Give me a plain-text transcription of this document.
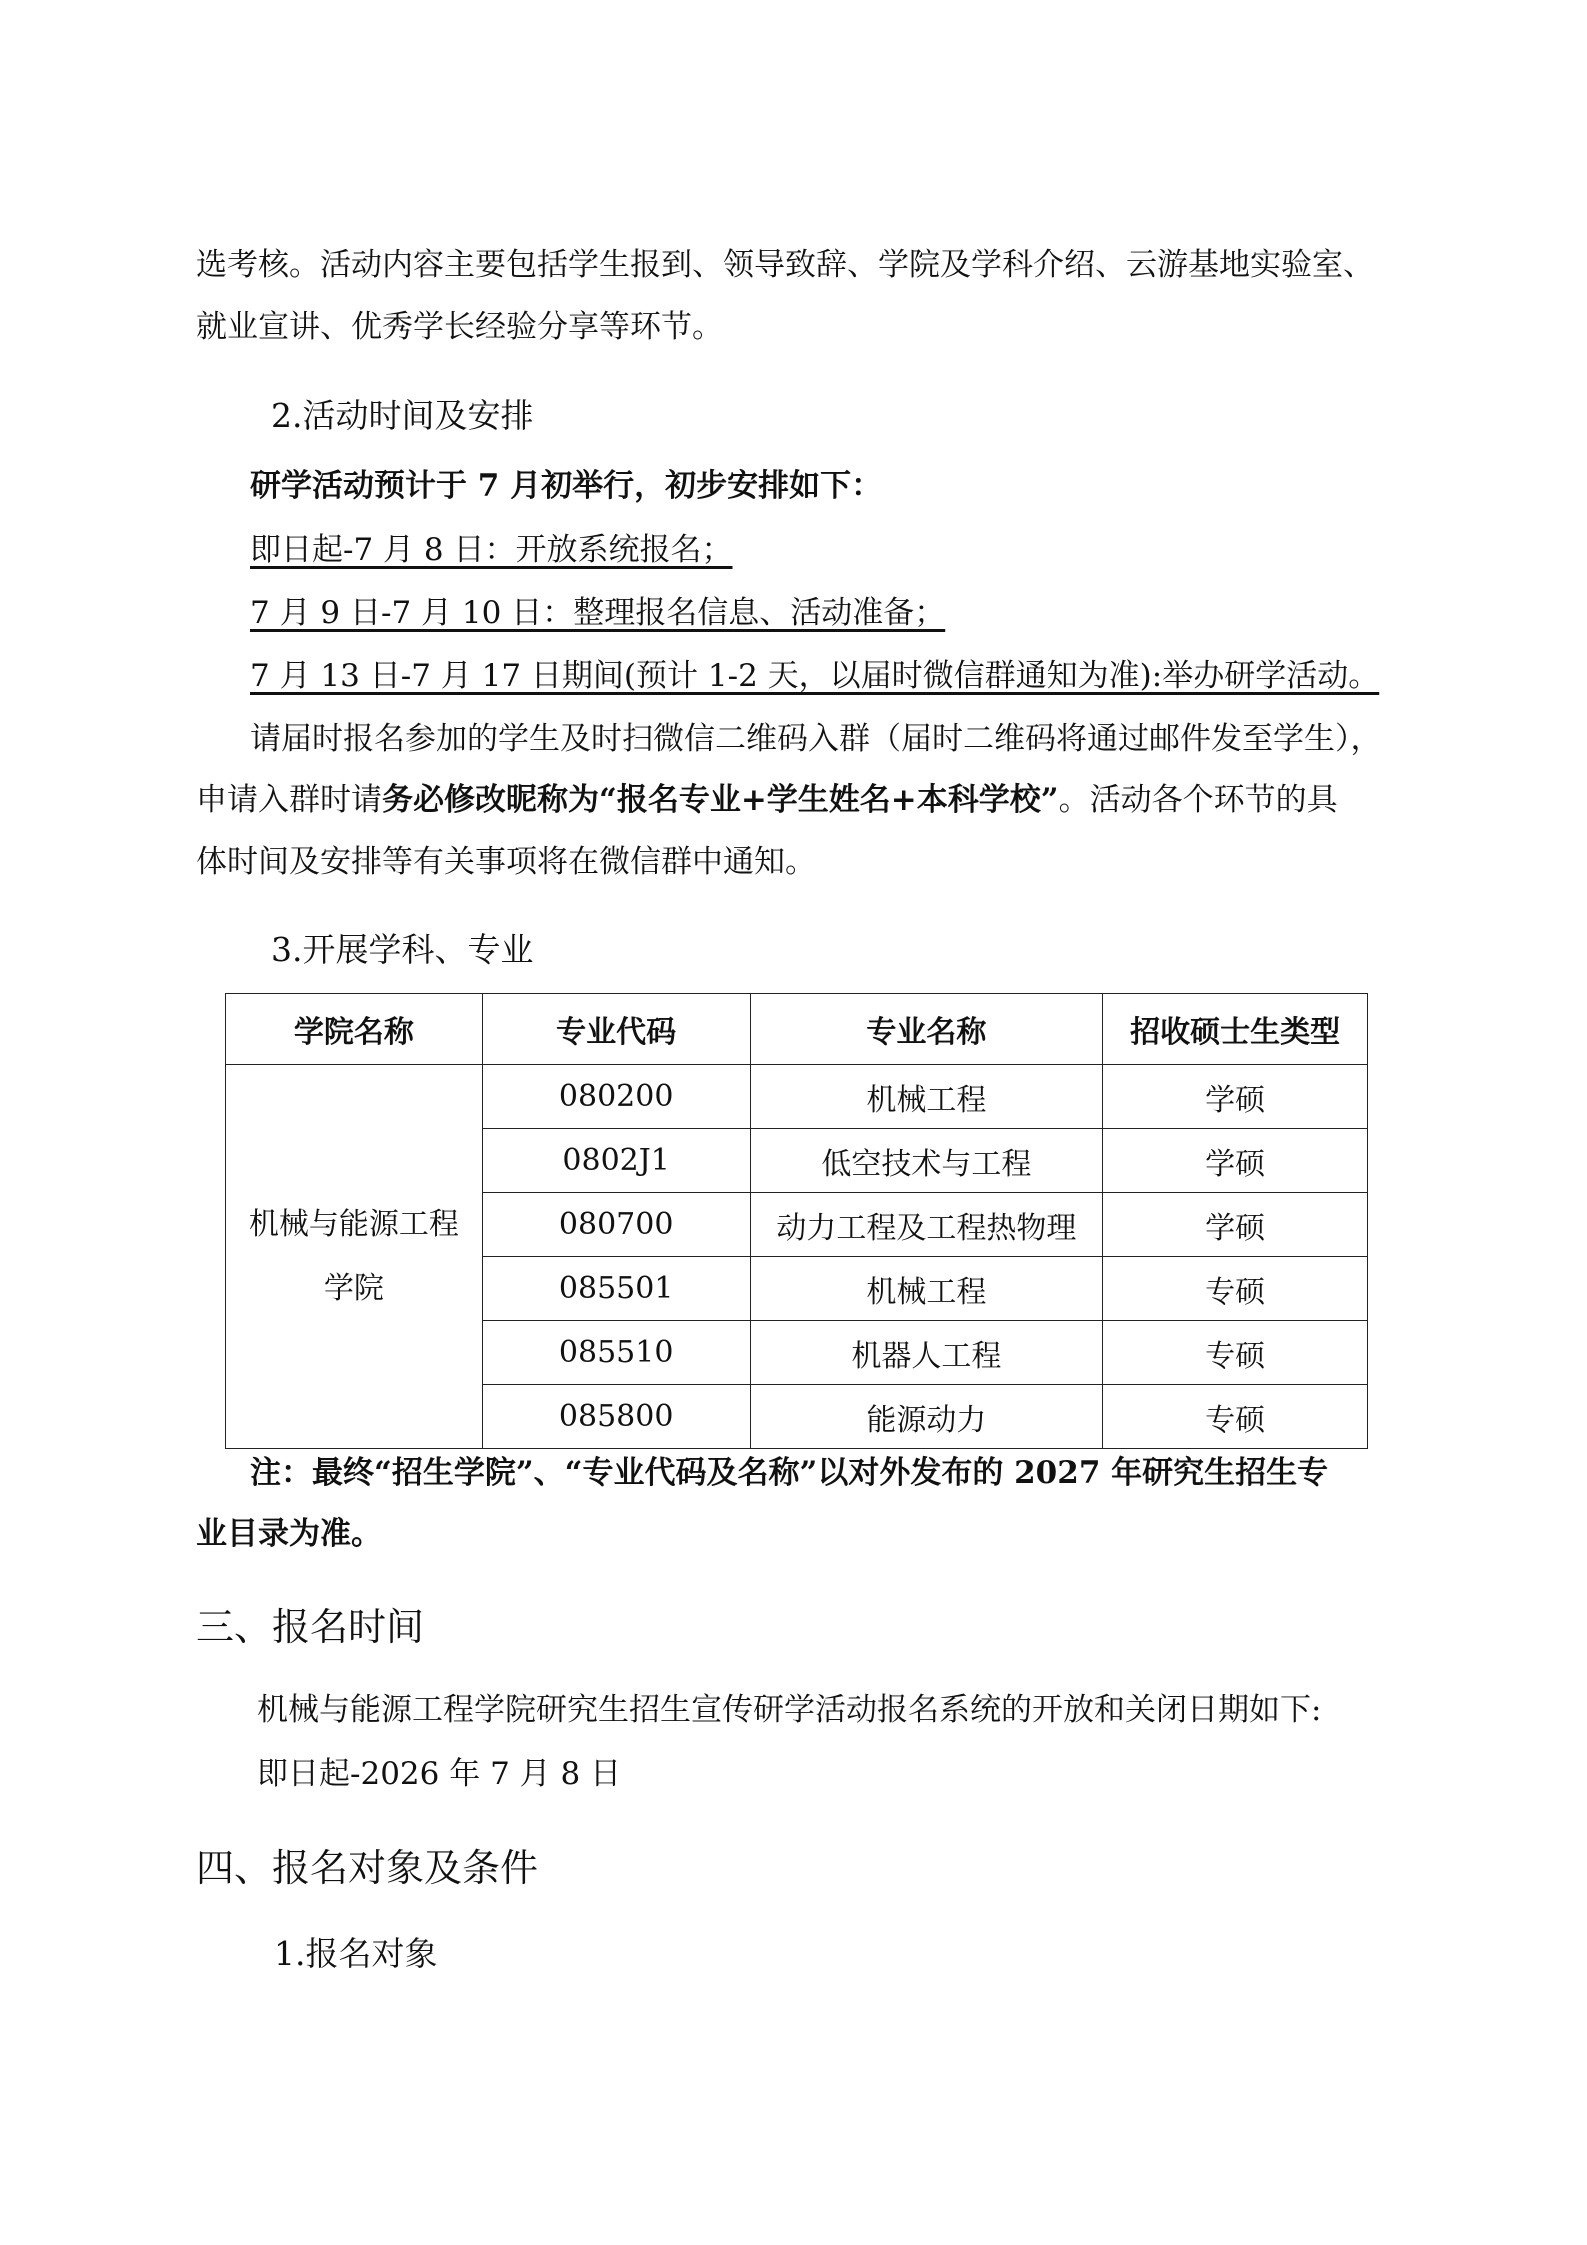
选考核。活动内容主要包括学生报到、领导致辞、学院及学科介绍、云游基地实验室、
就业宣讲、优秀学长经验分享等环节。
2.活动时间及安排
研学活动预计于 7 月初举行，初步安排如下：
即日起-7 月 8 日：开放系统报名；
7 月 9 日-7 月 10 日：整理报名信息、活动准备；
7 月 13 日-7 月 17 日期间(预计 1-2 天，以届时微信群通知为准):举办研学活动。
请届时报名参加的学生及时扫微信二维码入群（届时二维码将通过邮件发至学生），
申请入群时请务必修改昵称为“报名专业+学生姓名+本科学校”。活动各个环节的具
体时间及安排等有关事项将在微信群中通知。
3.开展学科、专业
学院名称	专业代码	专业名称	招收硕士生类型
机械与能源工程
学院	080200	机械工程	学硕
	0802J1	低空技术与工程	学硕
	080700	动力工程及工程热物理	学硕
	085501	机械工程	专硕
	085510	机器人工程	专硕
	085800	能源动力	专硕
注：最终“招生学院”、“专业代码及名称”以对外发布的 2027 年研究生招生专
业目录为准。
三、报名时间
机械与能源工程学院研究生招生宣传研学活动报名系统的开放和关闭日期如下:
即日起-2026 年 7 月 8 日
四、报名对象及条件
1.报名对象
